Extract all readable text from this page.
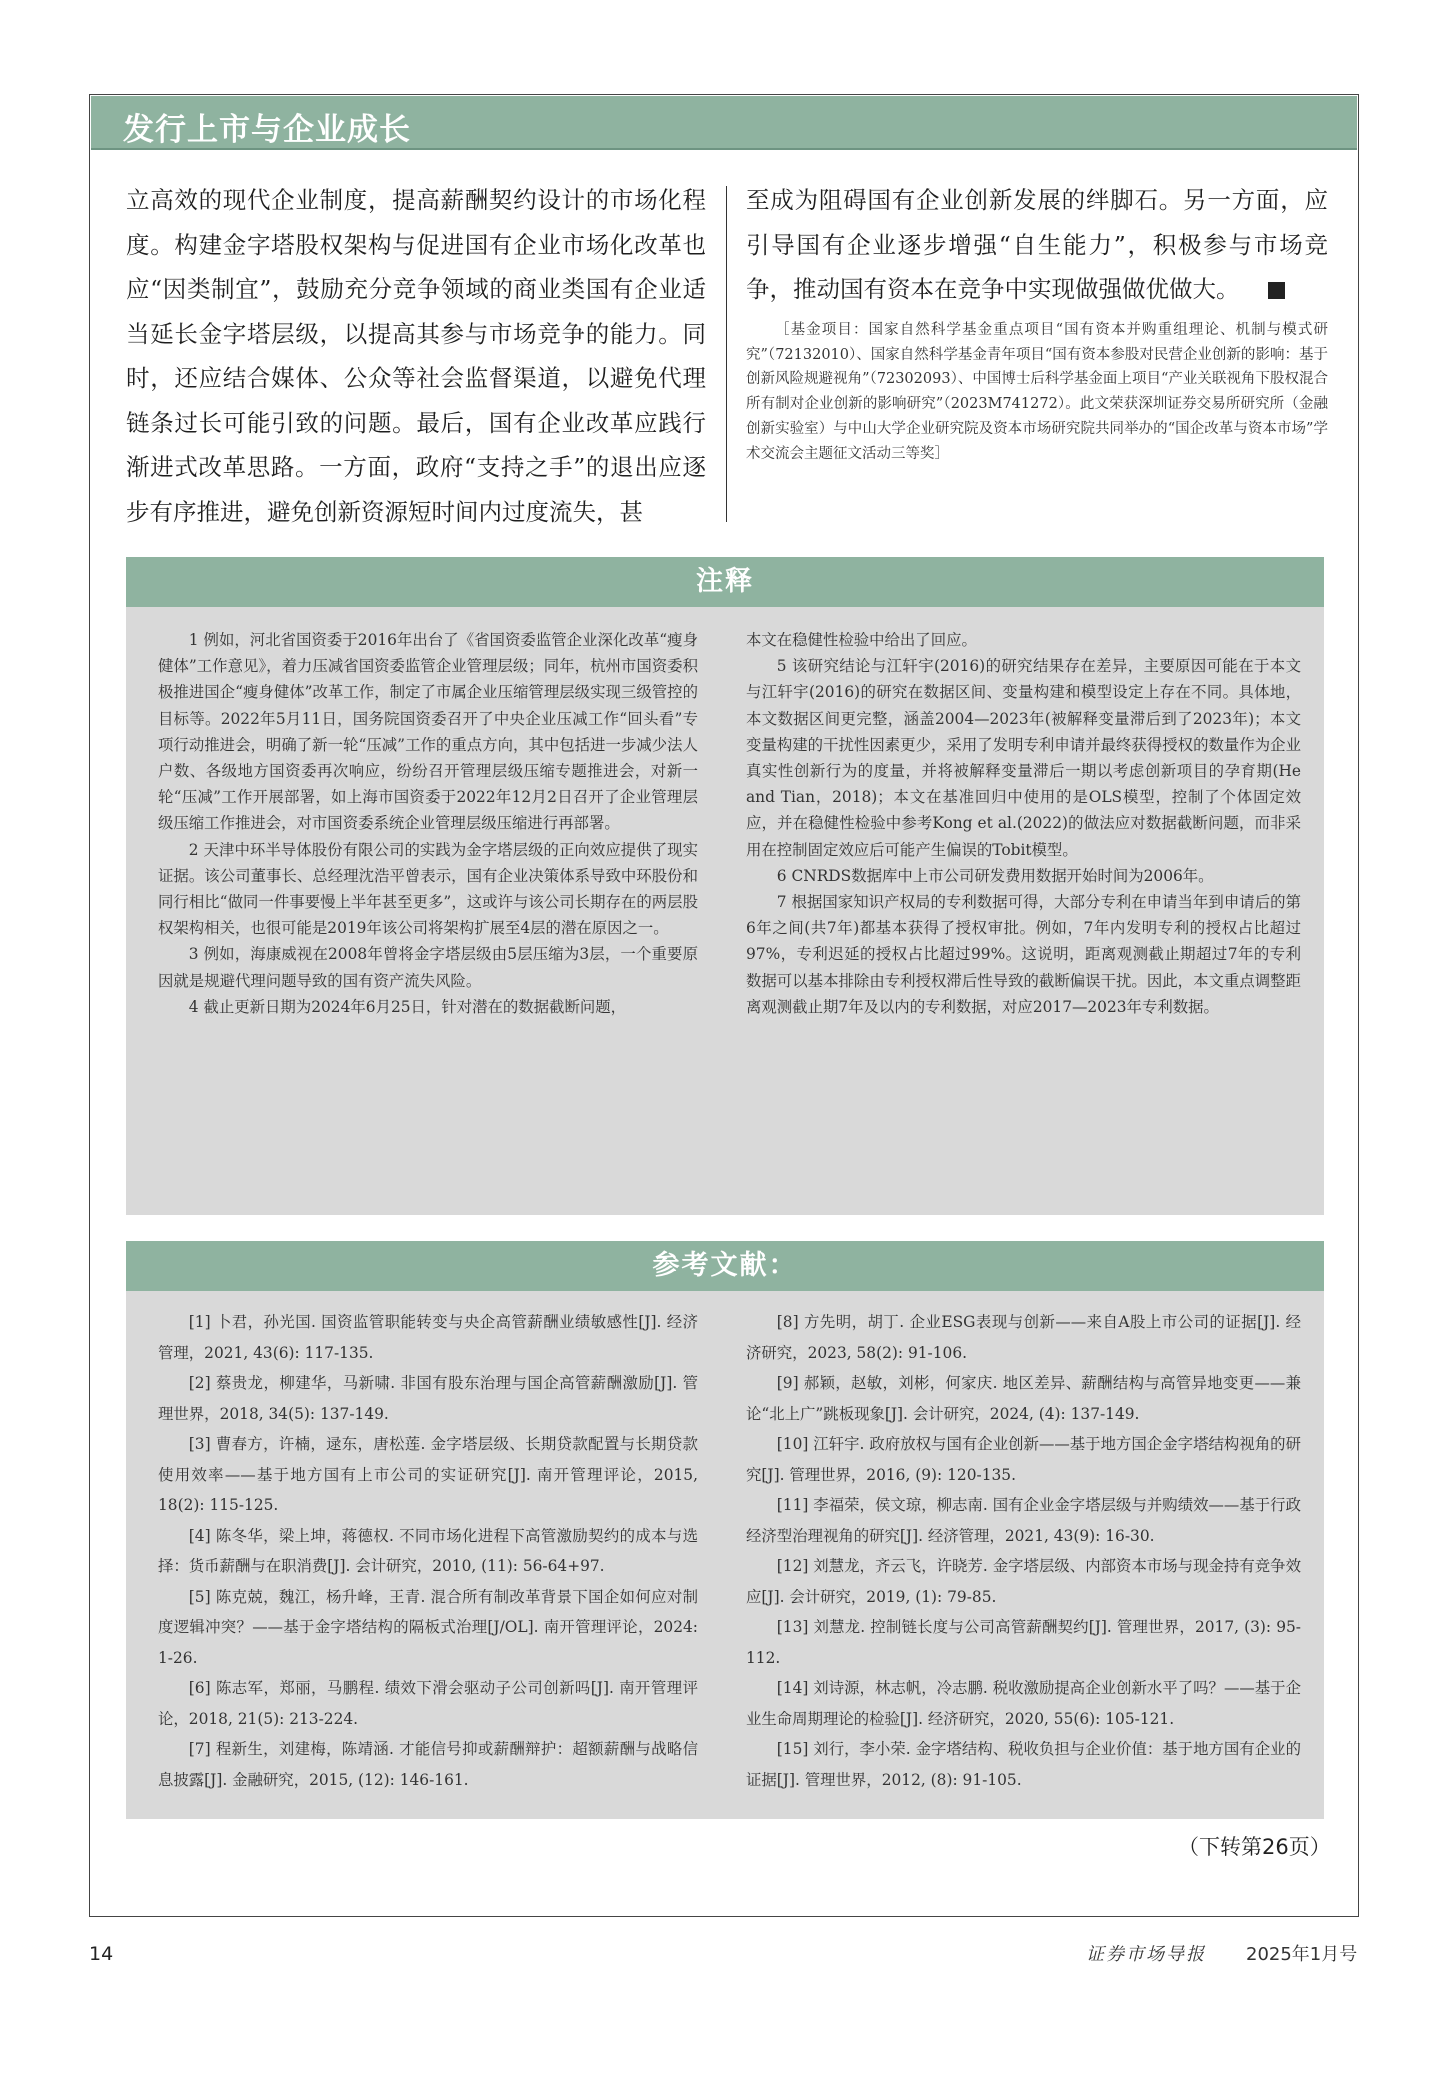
发行上市与企业成长
立高效的现代企业制度，提高薪酬契约设计的市场化程度。构建金字塔股权架构与促进国有企业市场化改革也应“因类制宜”，鼓励充分竞争领域的商业类国有企业适当延长金字塔层级，以提高其参与市场竞争的能力。同时，还应结合媒体、公众等社会监督渠道，以避免代理链条过长可能引致的问题。最后，国有企业改革应践行渐进式改革思路。一方面，政府“支持之手”的退出应逐步有序推进，避免创新资源短时间内过度流失，甚
至成为阻碍国有企业创新发展的绊脚石。另一方面，应引导国有企业逐步增强“自生能力”，积极参与市场竞争，推动国有资本在竞争中实现做强做优做大。
［基金项目：国家自然科学基金重点项目“国有资本并购重组理论、机制与模式研究”（72132010）、国家自然科学基金青年项目“国有资本参股对民营企业创新的影响：基于创新风险规避视角”（72302093）、中国博士后科学基金面上项目“产业关联视角下股权混合所有制对企业创新的影响研究”（2023M741272）。此文荣获深圳证券交易所研究所（金融创新实验室）与中山大学企业研究院及资本市场研究院共同举办的“国企改革与资本市场”学术交流会主题征文活动三等奖］
注释

1 例如，河北省国资委于2016年出台了《省国资委监管企业深化改革“瘦身健体”工作意见》，着力压减省国资委监管企业管理层级；同年，杭州市国资委积极推进国企“瘦身健体”改革工作，制定了市属企业压缩管理层级实现三级管控的目标等。2022年5月11日，国务院国资委召开了中央企业压减工作“回头看”专项行动推进会，明确了新一轮“压减”工作的重点方向，其中包括进一步减少法人户数、各级地方国资委再次响应，纷纷召开管理层级压缩专题推进会，对新一轮“压减”工作开展部署，如上海市国资委于2022年12月2日召开了企业管理层级压缩工作推进会，对市国资委系统企业管理层级压缩进行再部署。

2 天津中环半导体股份有限公司的实践为金字塔层级的正向效应提供了现实证据。该公司董事长、总经理沈浩平曾表示，国有企业决策体系导致中环股份和同行相比“做同一件事要慢上半年甚至更多”，这或许与该公司长期存在的两层股权架构相关，也很可能是2019年该公司将架构扩展至4层的潜在原因之一。

3 例如，海康威视在2008年曾将金字塔层级由5层压缩为3层，一个重要原因就是规避代理问题导致的国有资产流失风险。

4 截止更新日期为2024年6月25日，针对潜在的数据截断问题，

本文在稳健性检验中给出了回应。

5 该研究结论与江轩宇(2016)的研究结果存在差异，主要原因可能在于本文与江轩宇(2016)的研究在数据区间、变量构建和模型设定上存在不同。具体地，本文数据区间更完整，涵盖2004—2023年(被解释变量滞后到了2023年)；本文变量构建的干扰性因素更少，采用了发明专利申请并最终获得授权的数量作为企业真实性创新行为的度量，并将被解释变量滞后一期以考虑创新项目的孕育期(He and Tian，2018)；本文在基准回归中使用的是OLS模型，控制了个体固定效应，并在稳健性检验中参考Kong et al.(2022)的做法应对数据截断问题，而非采用在控制固定效应后可能产生偏误的Tobit模型。

6 CNRDS数据库中上市公司研发费用数据开始时间为2006年。

7 根据国家知识产权局的专利数据可得，大部分专利在申请当年到申请后的第6年之间(共7年)都基本获得了授权审批。例如，7年内发明专利的授权占比超过97%，专利迟延的授权占比超过99%。这说明，距离观测截止期超过7年的专利数据可以基本排除由专利授权滞后性导致的截断偏误干扰。因此，本文重点调整距离观测截止期7年及以内的专利数据，对应2017—2023年专利数据。

参考文献：

[1] 卜君，孙光国. 国资监管职能转变与央企高管薪酬业绩敏感性[J]. 经济管理，2021, 43(6): 117-135.

[2] 蔡贵龙，柳建华，马新啸. 非国有股东治理与国企高管薪酬激励[J]. 管理世界，2018, 34(5): 137-149.

[3] 曹春方，许楠，逯东，唐松莲. 金字塔层级、长期贷款配置与长期贷款使用效率——基于地方国有上市公司的实证研究[J]. 南开管理评论，2015, 18(2): 115-125.

[4] 陈冬华，梁上坤，蒋德权. 不同市场化进程下高管激励契约的成本与选择：货币薪酬与在职消费[J]. 会计研究，2010, (11): 56-64+97.

[5] 陈克兢，魏江，杨升峰，王青. 混合所有制改革背景下国企如何应对制度逻辑冲突？——基于金字塔结构的隔板式治理[J/OL]. 南开管理评论，2024: 1-26.

[6] 陈志军，郑丽，马鹏程. 绩效下滑会驱动子公司创新吗[J]. 南开管理评论，2018, 21(5): 213-224.

[7] 程新生，刘建梅，陈靖涵. 才能信号抑或薪酬辩护：超额薪酬与战略信息披露[J]. 金融研究，2015, (12): 146-161.

[8] 方先明，胡丁. 企业ESG表现与创新——来自A股上市公司的证据[J]. 经济研究，2023, 58(2): 91-106.

[9] 郝颖，赵敏，刘彬，何家庆. 地区差异、薪酬结构与高管异地变更——兼论“北上广”跳板现象[J]. 会计研究，2024, (4): 137-149.

[10] 江轩宇. 政府放权与国有企业创新——基于地方国企金字塔结构视角的研究[J]. 管理世界，2016, (9): 120-135.

[11] 李福荣，侯文琼，柳志南. 国有企业金字塔层级与并购绩效——基于行政经济型治理视角的研究[J]. 经济管理，2021, 43(9): 16-30.

[12] 刘慧龙，齐云飞，许晓芳. 金字塔层级、内部资本市场与现金持有竞争效应[J]. 会计研究，2019, (1): 79-85.

[13] 刘慧龙. 控制链长度与公司高管薪酬契约[J]. 管理世界，2017, (3): 95-112.

[14] 刘诗源，林志帆，冷志鹏. 税收激励提高企业创新水平了吗？——基于企业生命周期理论的检验[J]. 经济研究，2020, 55(6): 105-121.

[15] 刘行，李小荣. 金字塔结构、税收负担与企业价值：基于地方国有企业的证据[J]. 管理世界，2012, (8): 91-105.

（下转第26页）
14	证券市场导报 2025年1月号
